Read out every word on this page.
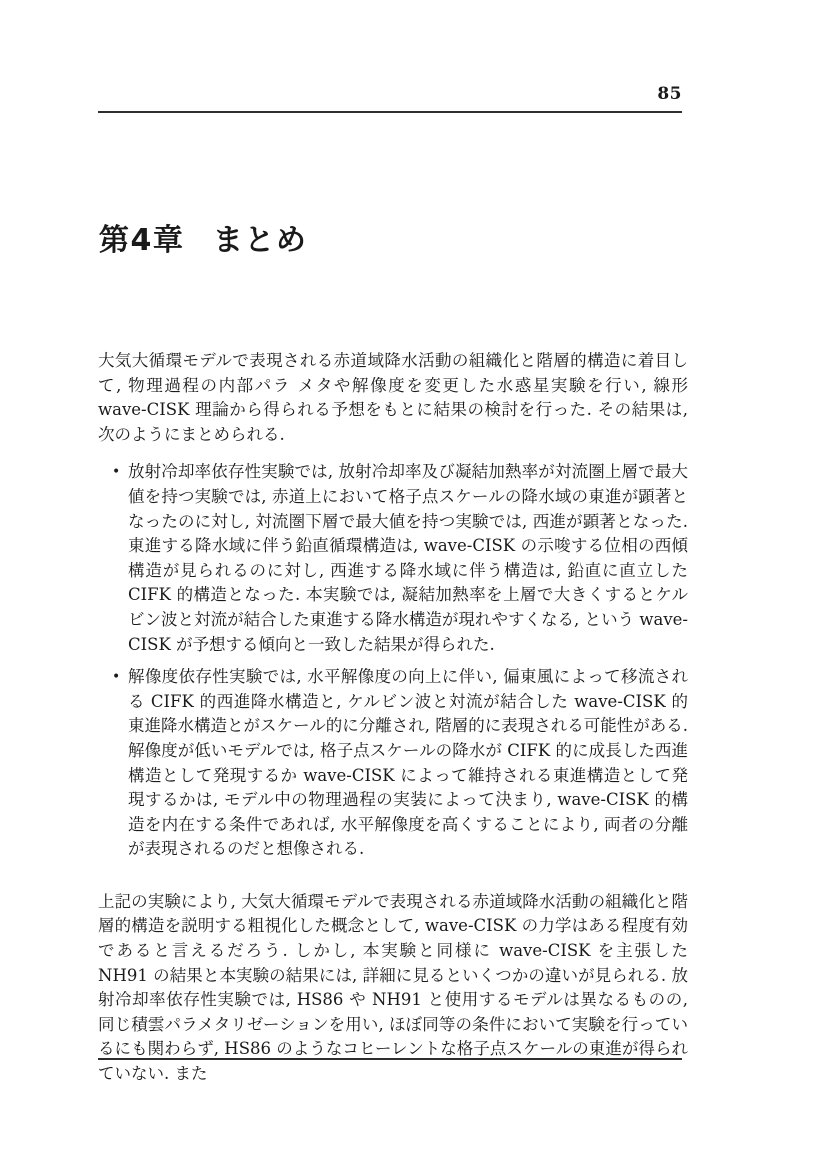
85
第4章 まとめ

大気大循環モデルで表現される赤道域降水活動の組織化と階層的構造に着目して, 物理過程の内部パラ メタや解像度を変更した水惑星実験を行い, 線形 wave-CISK 理論から得られる予想をもとに結果の検討を行った. その結果は, 次のようにまとめられる.

• 放射冷却率依存性実験では, 放射冷却率及び凝結加熱率が対流圏上層で最大値を持つ実験では, 赤道上において格子点スケールの降水域の東進が顕著となったのに対し, 対流圏下層で最大値を持つ実験では, 西進が顕著となった. 東進する降水域に伴う鉛直循環構造は, wave-CISK の示唆する位相の西傾構造が見られるのに対し, 西進する降水域に伴う構造は, 鉛直に直立した CIFK 的構造となった. 本実験では, 凝結加熱率を上層で大きくするとケルビン波と対流が結合した東進する降水構造が現れやすくなる, という wave-CISK が予想する傾向と一致した結果が得られた.
• 解像度依存性実験では, 水平解像度の向上に伴い, 偏東風によって移流される CIFK 的西進降水構造と, ケルビン波と対流が結合した wave-CISK 的東進降水構造とがスケール的に分離され, 階層的に表現される可能性がある. 解像度が低いモデルでは, 格子点スケールの降水が CIFK 的に成長した西進構造として発現するか wave-CISK によって維持される東進構造として発現するかは, モデル中の物理過程の実装によって決まり, wave-CISK 的構造を内在する条件であれば, 水平解像度を高くすることにより, 両者の分離が表現されるのだと想像される.

上記の実験により, 大気大循環モデルで表現される赤道域降水活動の組織化と階層的構造を説明する粗視化した概念として, wave-CISK の力学はある程度有効であると言えるだろう. しかし, 本実験と同様に wave-CISK を主張した NH91 の結果と本実験の結果には, 詳細に見るといくつかの違いが見られる. 放射冷却率依存性実験では, HS86 や NH91 と使用するモデルは異なるものの, 同じ積雲パラメタリゼーションを用い, ほぼ同等の条件において実験を行っているにも関わらず, HS86 のようなコヒーレントな格子点スケールの東進が得られていない. また
